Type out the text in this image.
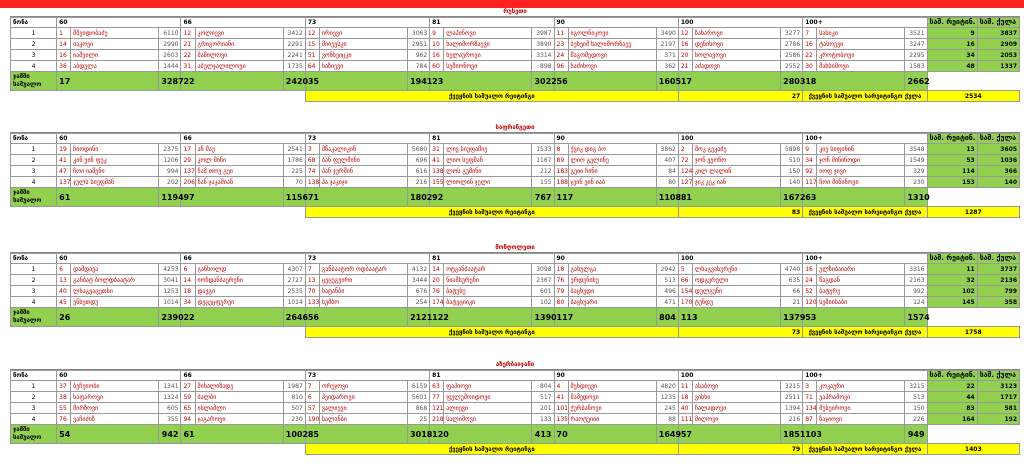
რუსეთი
წონა	60			66			73			81			90			100			100+			საშ. რეიტინ.	საშ. ქულა
1	1	მშვიდობაძე	6110	12	კოლიევი	3412	12	ირიევი	3063	9	ლაპინოვი	3987	11	იგოლნიკოვი	3490	12	ზახაროვი	3277	7	სასიკი	3521	9	3837
2	14	იაკოვი	2990	21	გრიგორიანი	2291	15	მიიევსკი	2951	10	ხალიმორზაევი	3890	23	ბეხეიშ ხალიმორზაევ	2197	16	დენისოვი	2786	16	ტასოევი	3247	16	2909
3	16	იაშვილი	2603	22	შამილოვი	2241	51	ვონსეიცკი	962	16	ხულაუროვი	3314	24	მაგომედოვი	371	20	ხოლავოვი	2586	22	კროტობოვი	2295	34	2053
4	36	აბდულა	1444	31	აბულჯალილოვი	1735	64	ხაზიევი	784	60	სემიონოვი	898	96	ხაძიხოვი	362	21	აძადოვი	2552	30	მახსიმოვი	1583	48	1337
ჯამში საშუალო	17		3287	22		2420	35		1941	23		3022	56		1605	17		2803	18		2662		
							ქვეყნის საშუალო რეიტინგი									27			ქვეყნის საშუალო სარეიტინგო ქულა			2534	
საფრანგეთი
წონა	60			66			73			81			90			100			100+			საშ. რეიტინ.	საშ. ქულა
1	19	ჩიოდინი	2375	17	ან მაუ	2541	3	მწაკალიკინ	5680	31	ლივ სიუფამიე	1533	8	ქვიკ დიგ ბო	3862	2	შოკ გეკაძე	5898	9	კიე სიფინინ	3548	13	3605
2	41	კინ ვინ ფუკ	1206	29	კოლ მინი	1786	68	ბან ფელმინი	696	41	ლიო სუფმან	1167	89	ლიო გელინე	407	72	ჯონ ვეონო	510	34	ჯონ მინინოდი	1549	53	1036
3	47	ჩოი იამენი	994	137	ჩამ თოვ გეი	225	74	პან ჯურმინ	616	138	ლოს გუმინი	212	183	გეიი ჩინი	84	124	კილ ლალინ	150	92	იოფ ჯივი	329	114	366
4	137	ჯულს სიუფმან	202	206	ჩან ჯაკამიან	70	138	ჰა ჯაკიჯი	216	155	ლიოლინ ჯელი	155	188	ჯეინ ვინ იაბ	80	127	ჯიკ კეკ იან	140	117	ჩოი მინინოვი	230	153	140
ჯამში საშუალო	61		1194	97		1156	71		1802	92		767	117		1108	81		1672	63		1310		
							ქვეყნის საშუალო რეიტინგი									83			ქვეყნის საშუალო სარეიტინგო ქულა			1287	
მონღოლეთი
წონა	60			66			73			81			90			100			100+			საშ. რეიტინ.	საშ. ქულა
1	6	დამდავა	4253	6	განხოლდ	4307	7	განბაატორ ოდბაატარ	4132	14	ოტგანბაატარ	3098	18	გახულგა	2942	5	ლხაგვასურენი	4740	16	ულზიბაიარი	3316	11	3737
2	13	განბატ ბოლდბაატარ	3041	14	იოჩდანბაერენი	2727	13	ცეცეგვირი	3444	20	ნიამსურენი	2367	76	ერდენიხუ	513	66	ოდგერელი	635	24	წაგდან	2163	32	2136
3	40	ლხაგვაცეთსი	1253	18	დავგი	2535	70	ხატანბი	676	76	ბატუხუ	601	79	ბაცხუდი	496	154	დულგუნი	66	52	ბატურუ	992	102	799
4	45	ენხეთდუ	1014	34	დეცეცფერეი	1014	133	სუმბო	254	174	ბატეციიკი	102	80	ბაცხუარი	471	170	ტუნდუ	21	120	სემიისაბი	124	145	358
ჯამში საშუალო	26		2390	22		2646	56		2121	122		1390	117		804	113		1379	53		1574		
							ქვეყნის საშუალო რეიტინგი									73			ქვეყნის საშუალო სარეიტინგო ქულა			1758	
აზერბაიჯანი
წონა	60			66			73			81			90			100			100+			საშ. რეიტინ.	საშ. ქულა
1	37	ბეჩეიობი	1341	27	შიხალიზადე	1987	7	ორუჯოვი	6159	63	ფაჰიოვი	804	4	მეხდიევი	4820	11	ასაბოვი	3215	3	კოკაური	3215	22	3123
2	38	საფაროვი	1324	59	ბალბი	810	6	ჰეიდაროვი	5601	77	ფულუშოიდოვი	517	41	მამედოვი	1235	18	ვისხი	2511	71	ვაჰრამოვი	513	44	1717
3	55	მირზოვი	605	65	ისლამლი	507	57	ვალიევი	868	121	ალიევი	201	101	ქურბანოვი	245	40	ჩალადოვი	1394	134	მუსეიროვი	150	83	581
4	76	ვაჩიძიზ	355	94	ჯაგაროვი	230	190	სალანბი	25	218	სალიმოვი	133	135	რაოტეიიი	88	111	მილოვი	216	87	ზაჯიოვი	226	164	192
ჯამში საშუალო	54		942	61		1002	85		3018	120		413	70		1649	57		1851	103		949		
							ქვეყნის საშუალო რეიტინგი									79			ქვეყნის საშუალო სარეიტინგო ქულა			1403	
